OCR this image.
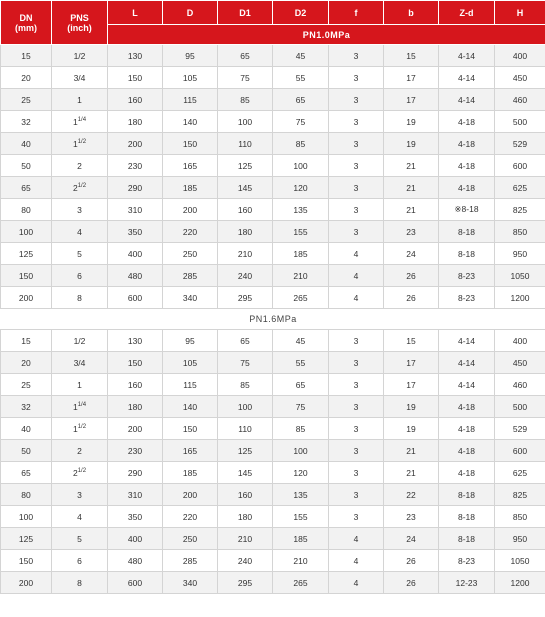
DN
(mm)	PNS
(inch)	L	D	D1	D2	f	b	Z-d	H
		PN1.0MPa							
15	1/2	130	95	65	45	3	15	4-14	400
20	3/4	150	105	75	55	3	17	4-14	450
25	1	160	115	85	65	3	17	4-14	460
32	$1^{1/4}$	180	140	100	75	3	19	4-18	500
40	$1^{1/2}$	200	150	110	85	3	19	4-18	529
50	2	230	165	125	100	3	21	4-18	600
65	$2^{1/2}$	290	185	145	120	3	21	4-18	625
80	3	310	200	160	135	3	21	※8-18	825
100	4	350	220	180	155	3	23	8-18	850
125	5	400	250	210	185	4	24	8-18	950
150	6	480	285	240	210	4	26	8-23	1050
200	8	600	340	295	265	4	26	8-23	1200
PN1.6MPa									
15	1/2	130	95	65	45	3	15	4-14	400
20	3/4	150	105	75	55	3	17	4-14	450
25	1	160	115	85	65	3	17	4-14	460
32	$1^{1/4}$	180	140	100	75	3	19	4-18	500
40	$1^{1/2}$	200	150	110	85	3	19	4-18	529
50	2	230	165	125	100	3	21	4-18	600
65	$2^{1/2}$	290	185	145	120	3	21	4-18	625
80	3	310	200	160	135	3	22	8-18	825
100	4	350	220	180	155	3	23	8-18	850
125	5	400	250	210	185	4	24	8-18	950
150	6	480	285	240	210	4	26	8-23	1050
200	8	600	340	295	265	4	26	12-23	1200
